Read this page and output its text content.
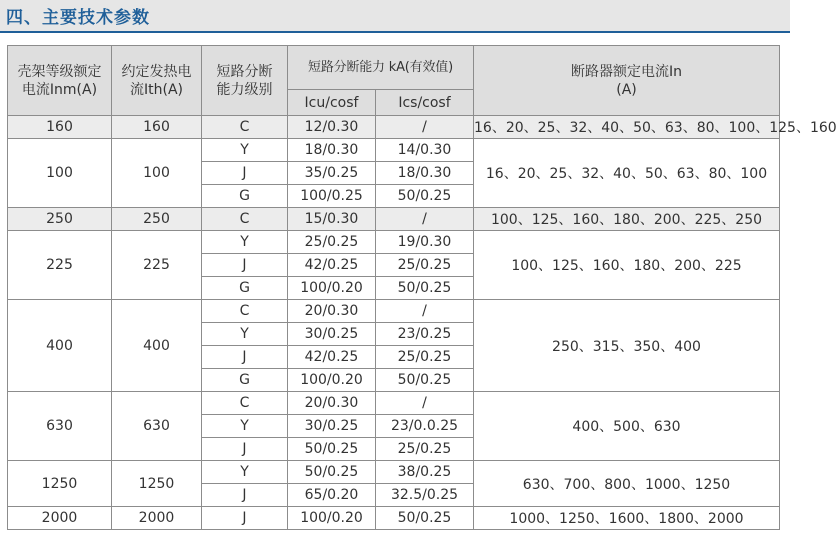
四、主要技术参数
壳架等级额定电流Inm(A)	约定发热电流Ith(A)	短路分断能力级别	短路分断能力 kA(有效值)		断路器额定电流In(A)

			Icu/cosf	Ics/cosf	
160	160	C	12/0.30	/	16、20、25、32、40、50、63、80、100、125、160
100	100	Y	18/0.30	14/0.30	16、20、25、32、40、50、63、80、100
		J	35/0.25	18/0.30	
		G	100/0.25	50/0.25	
250	250	C	15/0.30	/	100、125、160、180、200、225、250
225	225	Y	25/0.25	19/0.30	100、125、160、180、200、225
		J	42/0.25	25/0.25	
		G	100/0.20	50/0.25	
400	400	C	20/0.30	/	250、315、350、400
		Y	30/0.25	23/0.25	
		J	42/0.25	25/0.25	
		G	100/0.20	50/0.25	
630	630	C	20/0.30	/	400、500、630
		Y	30/0.25	23/0.0.25	
		J	50/0.25	25/0.25	
1250	1250	Y	50/0.25	38/0.25	630、700、800、1000、1250
		J	65/0.20	32.5/0.25	
2000	2000	J	100/0.20	50/0.25	1000、1250、1600、1800、2000
